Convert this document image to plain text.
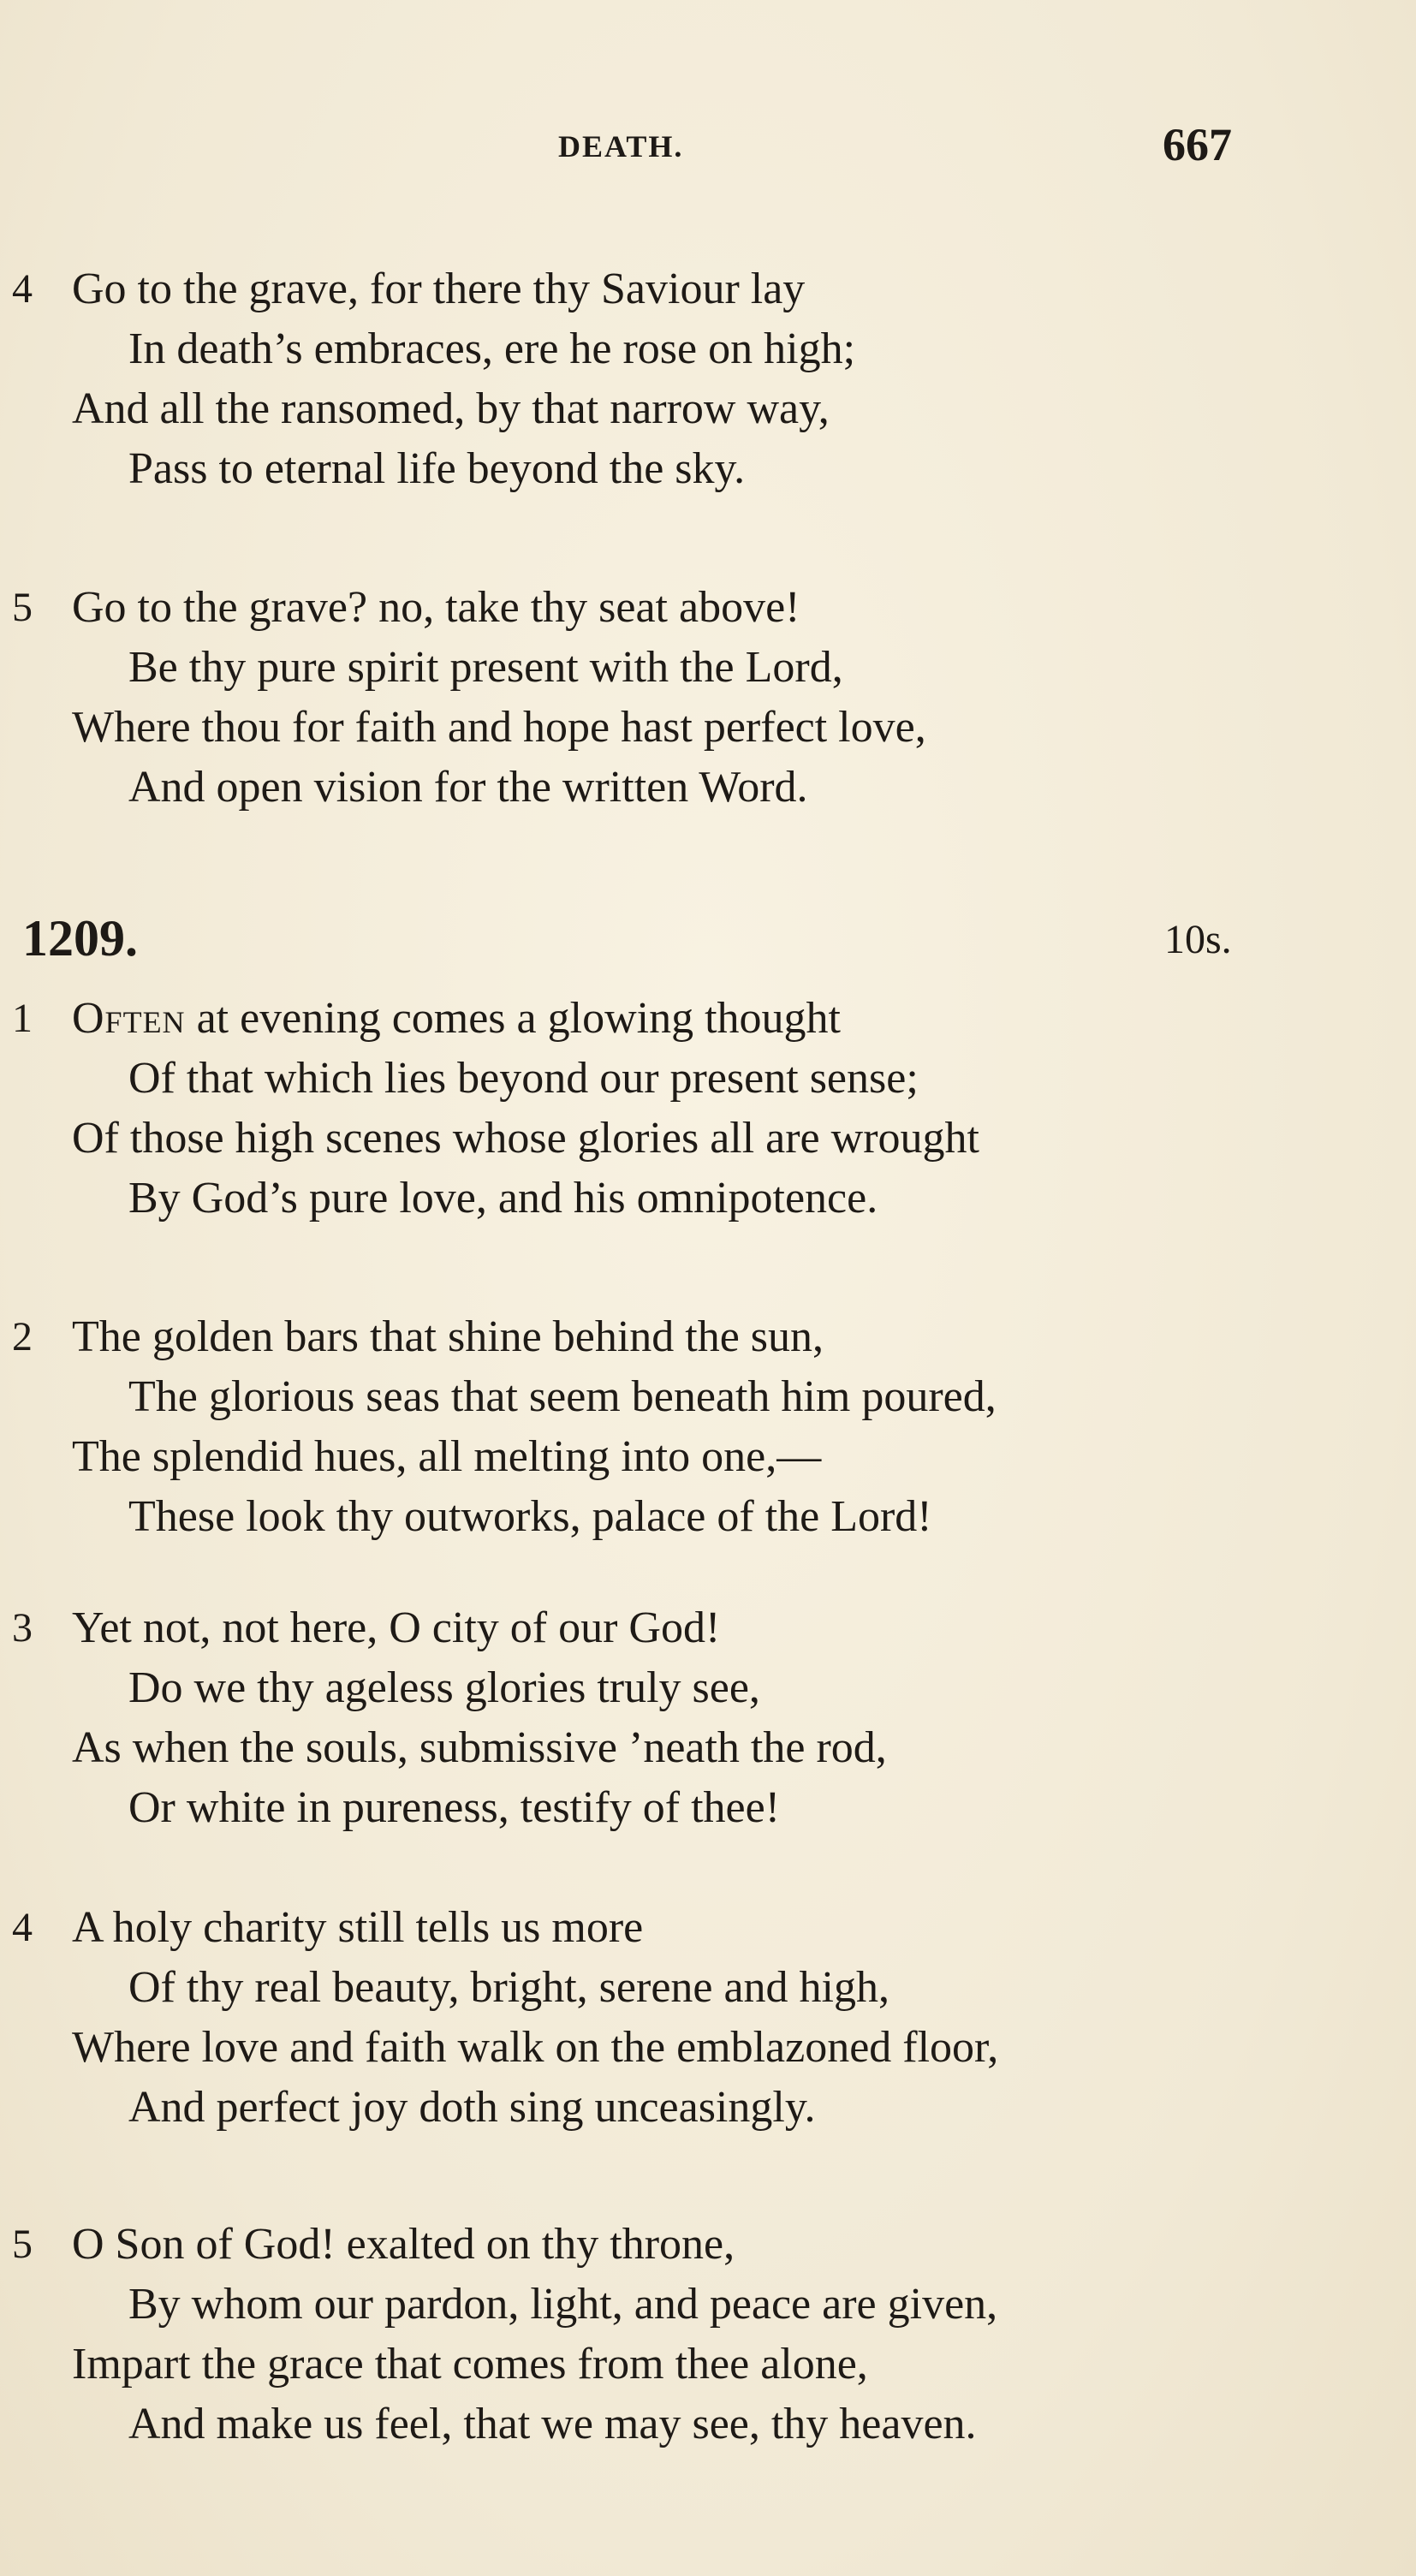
DEATH.	667
4 Go to the grave, for there thy Saviour lay
In death’s embraces, ere he rose on high;
And all the ransomed, by that narrow way,
Pass to eternal life beyond the sky.
5 Go to the grave? no, take thy seat above!
Be thy pure spirit present with the Lord,
Where thou for faith and hope hast perfect love,
And open vision for the written Word.
1209.	10s.
1 Often at evening comes a glowing thought
Of that which lies beyond our present sense;
Of those high scenes whose glories all are wrought
By God’s pure love, and his omnipotence.
2 The golden bars that shine behind the sun,
The glorious seas that seem beneath him poured,
The splendid hues, all melting into one,—
These look thy outworks, palace of the Lord!
3 Yet not, not here, O city of our God!
Do we thy ageless glories truly see,
As when the souls, submissive ’neath the rod,
Or white in pureness, testify of thee!
4 A holy charity still tells us more
Of thy real beauty, bright, serene and high,
Where love and faith walk on the emblazoned floor,
And perfect joy doth sing unceasingly.
5 O Son of God! exalted on thy throne,
By whom our pardon, light, and peace are given,
Impart the grace that comes from thee alone,
And make us feel, that we may see, thy heaven.
